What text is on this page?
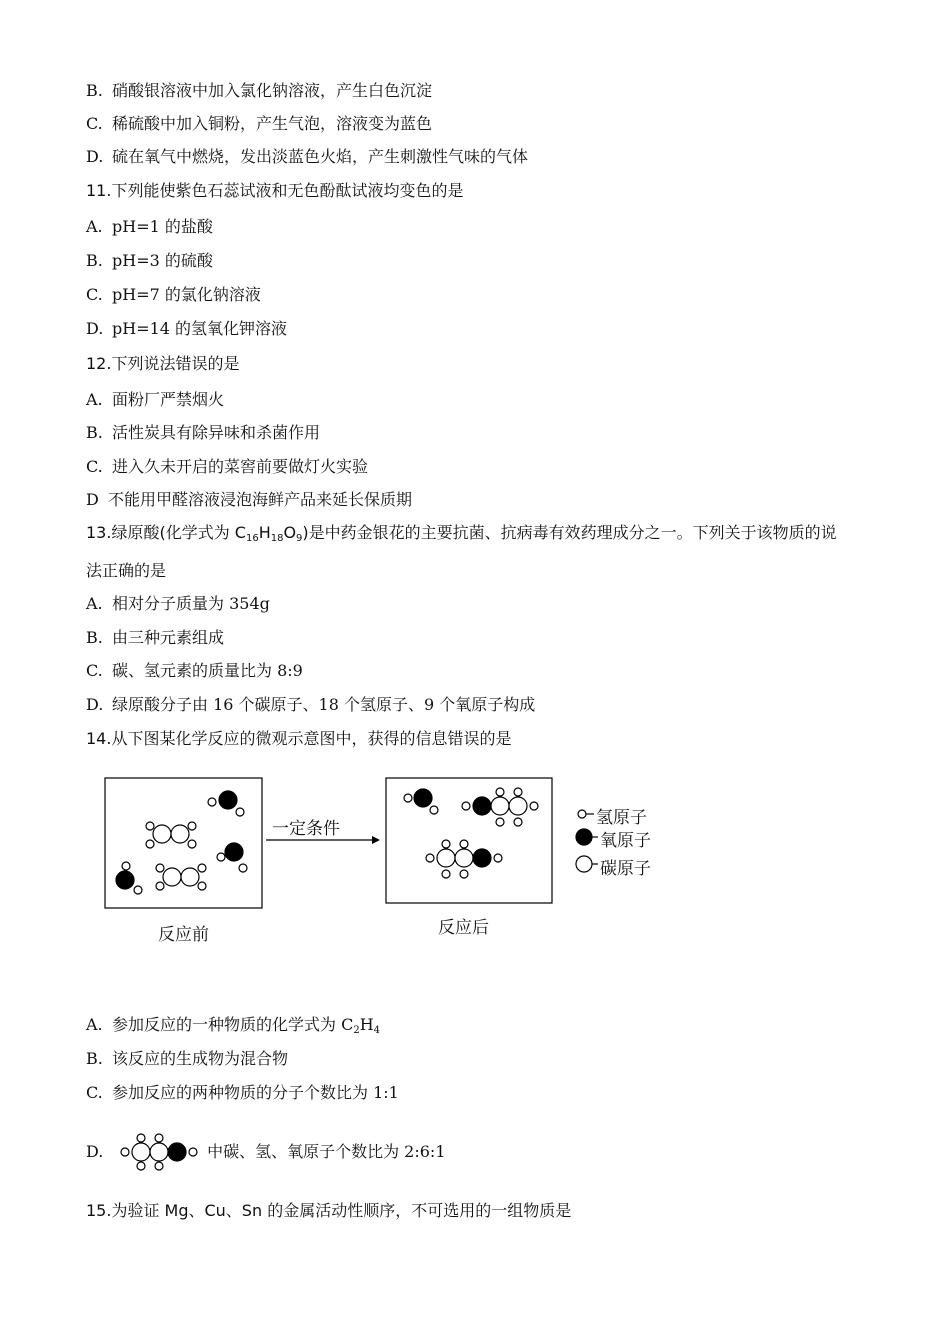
B. 硝酸银溶液中加入氯化钠溶液，产生白色沉淀
C. 稀硫酸中加入铜粉，产生气泡，溶液变为蓝色
D. 硫在氧气中燃烧，发出淡蓝色火焰，产生刺激性气味的气体
11.下列能使紫色石蕊试液和无色酚酞试液均变色的是
A. pH=1 的盐酸
B. pH=3 的硫酸
C. pH=7 的氯化钠溶液
D. pH=14 的氢氧化钾溶液
12.下列说法错误的是
A. 面粉厂严禁烟火
B. 活性炭具有除异味和杀菌作用
C. 进入久未开启的菜窖前要做灯火实验
D 不能用甲醛溶液浸泡海鲜产品来延长保质期
13.绿原酸(化学式为 $C_{16}H_{18}O_9$)是中药金银花的主要抗菌、抗病毒有效药理成分之一。下列关于该物质的说
法正确的是
A. 相对分子质量为 354g
B. 由三种元素组成
C. 碳、氢元素的质量比为 8:9
D. 绿原酸分子由 16 个碳原子、18 个氢原子、9 个氧原子构成
14.从下图某化学反应的微观示意图中，获得的信息错误的是
一定条件
反应前	反应后
氢原子
氧原子
碳原子
A. 参加反应的一种物质的化学式为 $C_2H_4$
B. 该反应的生成物为混合物
C. 参加反应的两种物质的分子个数比为 1:1
D.	中碳、氢、氧原子个数比为 2:6:1
15.为验证 Mg、Cu、Sn 的金属活动性顺序，不可选用的一组物质是
